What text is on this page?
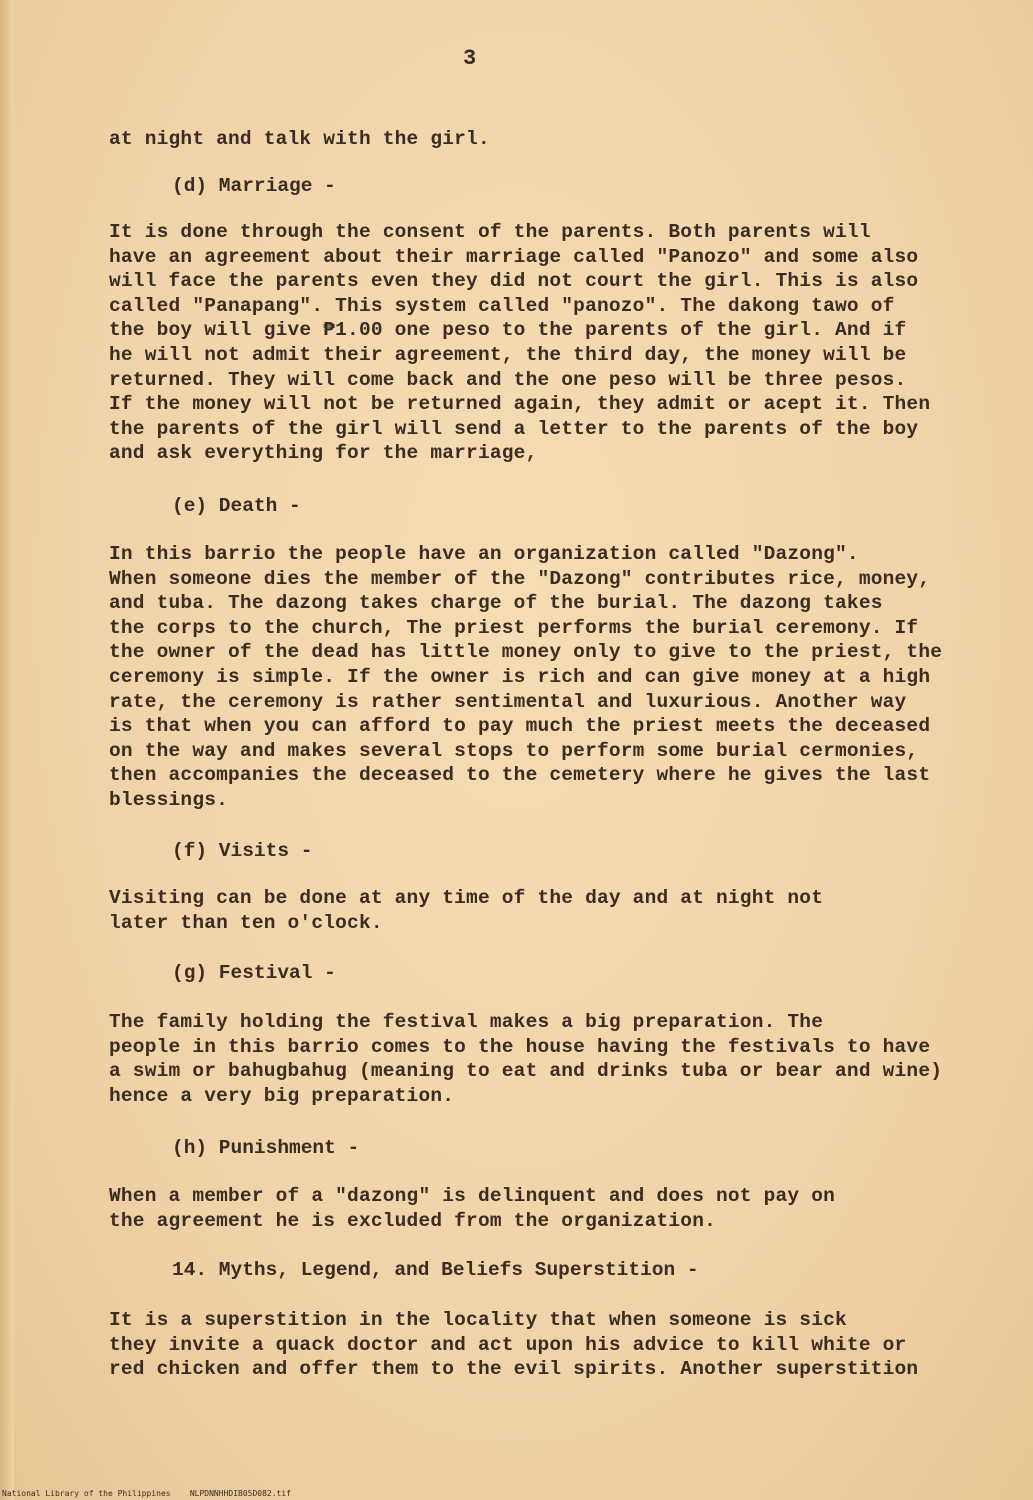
3
at night and talk with the girl.
(d) Marriage -
It is done through the consent of the parents. Both parents will
have an agreement about their marriage called "Panozo" and some also
will face the parents even they did not court the girl. This is also
called "Panapang". This system called "panozo". The dakong tawo of
the boy will give ₱1.00 one peso to the parents of the girl. And if
he will not admit their agreement, the third day, the money will be
returned. They will come back and the one peso will be three pesos.
If the money will not be returned again, they admit or acept it. Then
the parents of the girl will send a letter to the parents of the boy
and ask everything for the marriage,
(e) Death -
In this barrio the people have an organization called "Dazong".
When someone dies the member of the "Dazong" contributes rice, money,
and tuba. The dazong takes charge of the burial. The dazong takes
the corps to the church, The priest performs the burial ceremony. If
the owner of the dead has little money only to give to the priest, the
ceremony is simple. If the owner is rich and can give money at a high
rate, the ceremony is rather sentimental and luxurious. Another way
is that when you can afford to pay much the priest meets the deceased
on the way and makes several stops to perform some burial cermonies,
then accompanies the deceased to the cemetery where he gives the last
blessings.
(f) Visits -
Visiting can be done at any time of the day and at night not
later than ten o'clock.
(g) Festival -
The family holding the festival makes a big preparation. The
people in this barrio comes to the house having the festivals to have
a swim or bahugbahug (meaning to eat and drinks tuba or bear and wine)
hence a very big preparation.
(h) Punishment -
When a member of a "dazong" is delinquent and does not pay on
the agreement he is excluded from the organization.
14. Myths, Legend, and Beliefs Superstition -
It is a superstition in the locality that when someone is sick
they invite a quack doctor and act upon his advice to kill white or
red chicken and offer them to the evil spirits. Another superstition
National Library of the Philippines    NLPDNNHHDIB05D082.tif
